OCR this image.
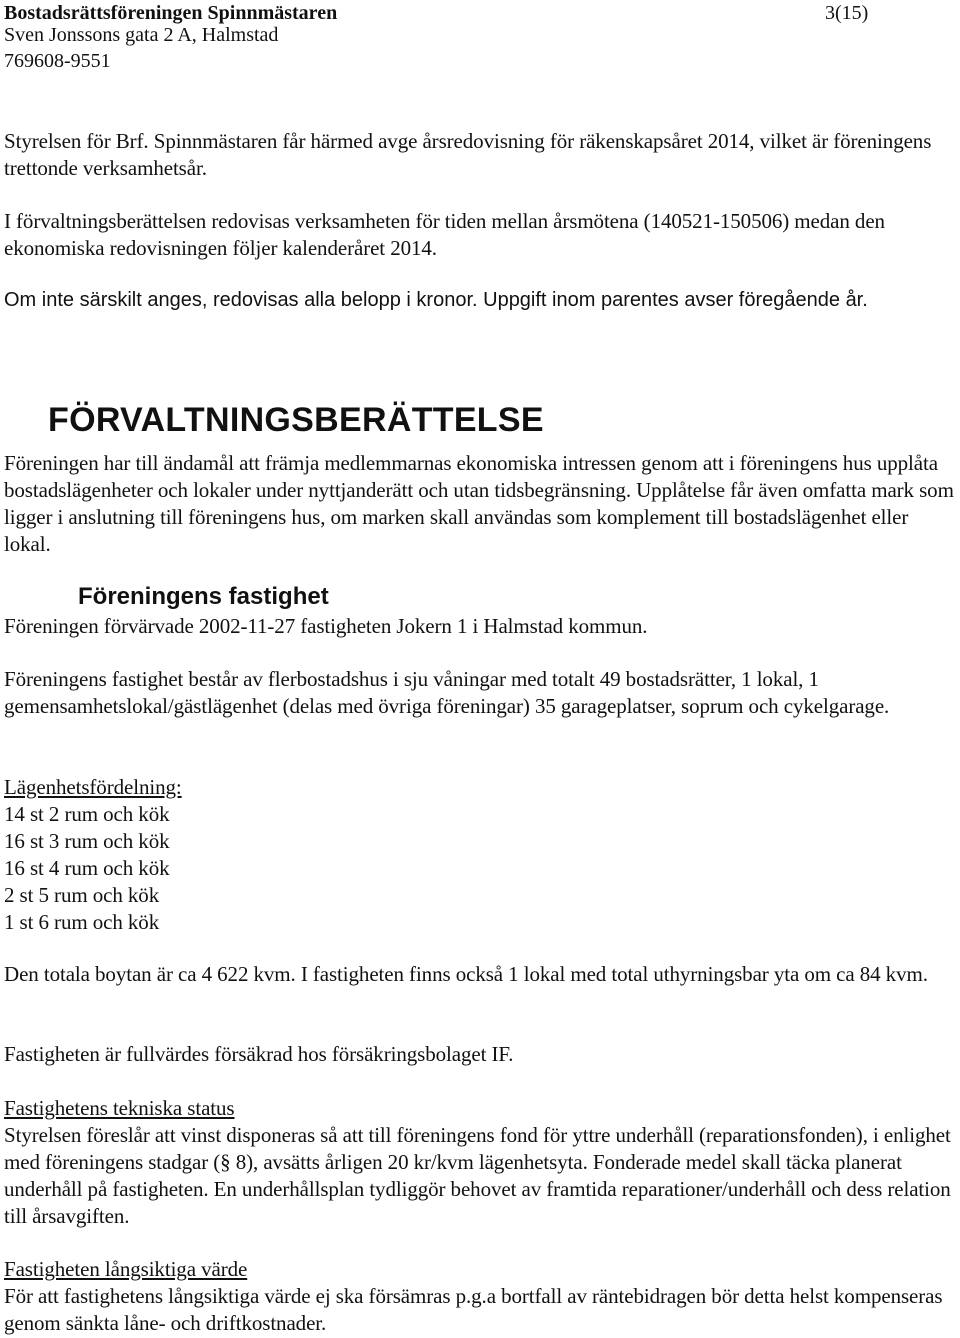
Bostadsrättsföreningen Spinnmästaren	3(15)
Sven Jonssons gata 2 A, Halmstad
769608-9551

Styrelsen för Brf. Spinnmästaren får härmed avge årsredovisning för räkenskapsåret 2014, vilket är föreningens trettonde verksamhetsår.

I förvaltningsberättelsen redovisas verksamheten för tiden mellan årsmötena (140521-150506) medan den ekonomiska redovisningen följer kalenderåret 2014.

Om inte särskilt anges, redovisas alla belopp i kronor. Uppgift inom parentes avser föregående år.

FÖRVALTNINGSBERÄTTELSE

Föreningen har till ändamål att främja medlemmarnas ekonomiska intressen genom att i föreningens hus upplåta bostadslägenheter och lokaler under nyttjanderätt och utan tidsbegränsning. Upplåtelse får även omfatta mark som ligger i anslutning till föreningens hus, om marken skall användas som komplement till bostadslägenhet eller lokal.

Föreningens fastighet

Föreningen förvärvade 2002-11-27 fastigheten Jokern 1 i Halmstad kommun.

Föreningens fastighet består av flerbostadshus i sju våningar med totalt 49 bostadsrätter, 1 lokal, 1 gemensamhetslokal/gästlägenhet (delas med övriga föreningar) 35 garageplatser, soprum och cykelgarage.

Lägenhetsfördelning:
14 st 2 rum och kök
16 st 3 rum och kök
16 st 4 rum och kök
2 st 5 rum och kök
1 st 6 rum och kök

Den totala boytan är ca 4 622 kvm. I fastigheten finns också 1 lokal med total uthyrningsbar yta om ca 84 kvm.

Fastigheten är fullvärdes försäkrad hos försäkringsbolaget IF.

Fastighetens tekniska status
Styrelsen föreslår att vinst disponeras så att till föreningens fond för yttre underhåll (reparationsfonden), i enlighet med föreningens stadgar (§ 8), avsätts årligen 20 kr/kvm lägenhetsyta. Fonderade medel skall täcka planerat underhåll på fastigheten. En underhållsplan tydliggör behovet av framtida reparationer/underhåll och dess relation till årsavgiften.
Fastigheten långsiktiga värde
För att fastighetens långsiktiga värde ej ska försämras p.g.a bortfall av räntebidragen bör detta helst kompenseras genom sänkta låne- och driftkostnader.
